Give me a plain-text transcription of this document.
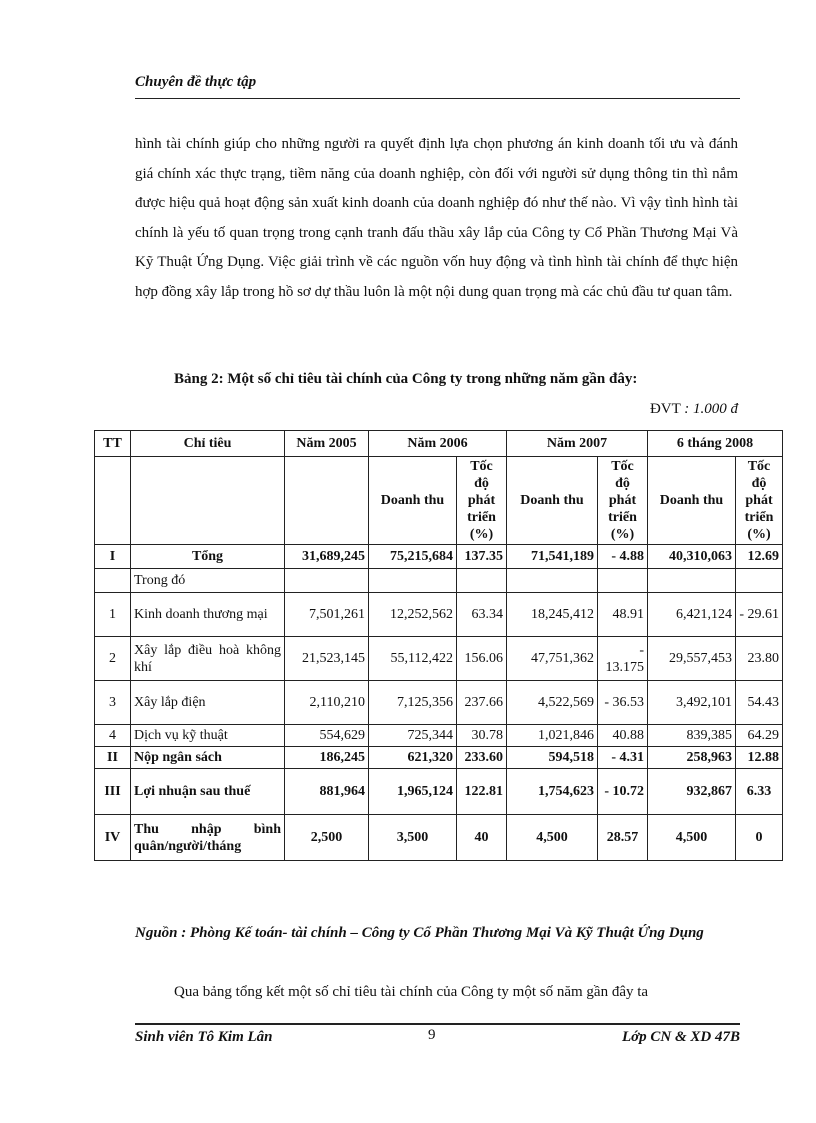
Chuyên đề thực tập

hình tài chính giúp cho những người ra quyết định lựa chọn phương án kinh doanh tối ưu và đánh giá chính xác thực trạng, tiềm năng của doanh nghiệp, còn đối với người sử dụng thông tin thì nắm được hiệu quả hoạt động sản xuất kinh doanh của doanh nghiệp đó như thế nào. Vì vậy tình hình tài chính là yếu tố quan trọng trong cạnh tranh đấu thầu xây lắp của Công ty Cổ Phần Thương Mại Và Kỹ Thuật Ứng Dụng. Việc giải trình về các nguồn vốn huy động và tình hình tài chính để thực hiện hợp đồng xây lắp trong hồ sơ dự thầu luôn là một nội dung quan trọng mà các chủ đầu tư quan tâm.

Bảng 2: Một số chỉ tiêu tài chính của Công ty trong những năm gần đây:
ĐVT : 1.000 đ
TT	Chỉ tiêu	Năm 2005	Năm 2006		Năm 2007		6 tháng 2008	
			Doanh thu	Tốc
độ
phát
triển
(%)	Doanh thu	Tốc
độ
phát
triển
(%)	Doanh thu	Tốc
độ
phát
triển
(%)
I	Tổng	31,689,245	75,215,684	137.35	71,541,189	- 4.88	40,310,063	12.69
	Trong đó							
1	Kinh doanh thương mại	7,501,261	12,252,562	63.34	18,245,412	48.91	6,421,124	- 29.61
2	Xây lắp điều hoà không khí	21,523,145	55,112,422	156.06	47,751,362	- 13.175	29,557,453	23.80
3	Xây lắp điện	2,110,210	7,125,356	237.66	4,522,569	- 36.53	3,492,101	54.43
4	Dịch vụ kỹ thuật	554,629	725,344	30.78	1,021,846	40.88	839,385	64.29
II	Nộp ngân sách	186,245	621,320	233.60	594,518	- 4.31	258,963	12.88
III	Lợi nhuận sau thuế	881,964	1,965,124	122.81	1,754,623	- 10.72	932,867	6.33
IV	Thu nhập bình quân/người/tháng	2,500	3,500	40	4,500	28.57	4,500	0

Nguồn : Phòng Kế toán- tài chính – Công ty Cổ Phần Thương Mại Và Kỹ Thuật Ứng Dụng

Qua bảng tổng kết một số chỉ tiêu tài chính của Công ty một số năm gần đây ta

Sinh viên Tô Kim Lân	9	Lớp CN & XD 47B
